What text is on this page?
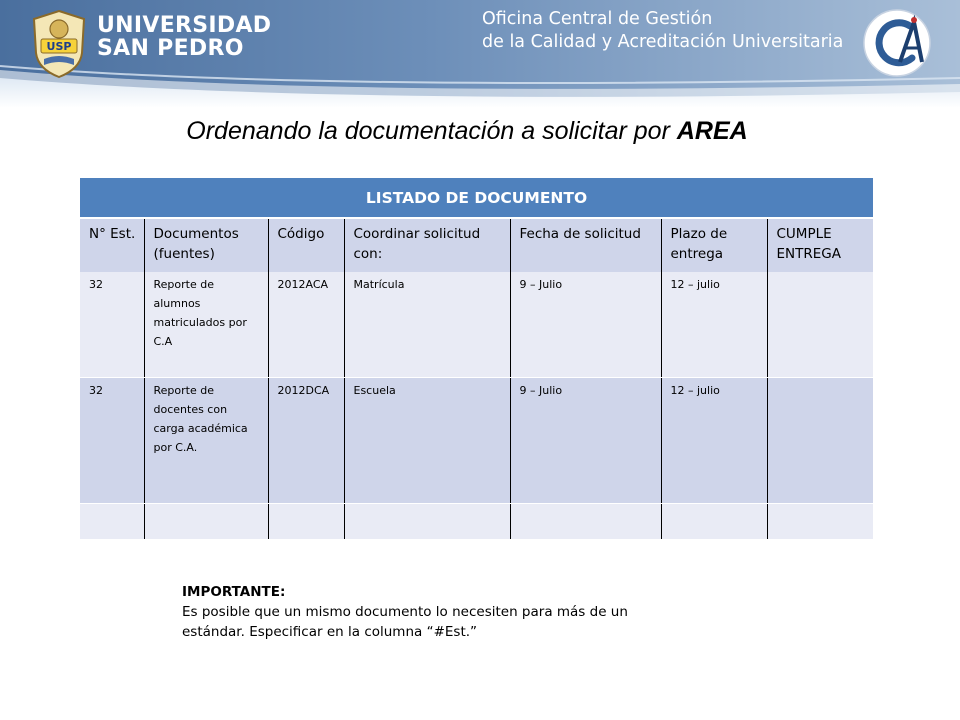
USP
UNIVERSIDAD
SAN PEDRO
Oficina Central de Gestión
de la Calidad y Acreditación Universitaria
Ordenando la documentación a solicitar por AREA
LISTADO DE DOCUMENTO						
N° Est.	Documentos (fuentes)	Código	Coordinar solicitud con:	Fecha de solicitud	Plazo de entrega	CUMPLE ENTREGA
32	Reporte de alumnos matriculados por C.A	2012ACA	Matrícula	9 – Julio	12 – julio	
32	Reporte de docentes con carga académica por C.A.	2012DCA	Escuela	9 – Julio	12 – julio	

IMPORTANTE:
Es posible que un mismo documento lo necesiten para más de un estándar. Especificar en la columna “#Est.”
